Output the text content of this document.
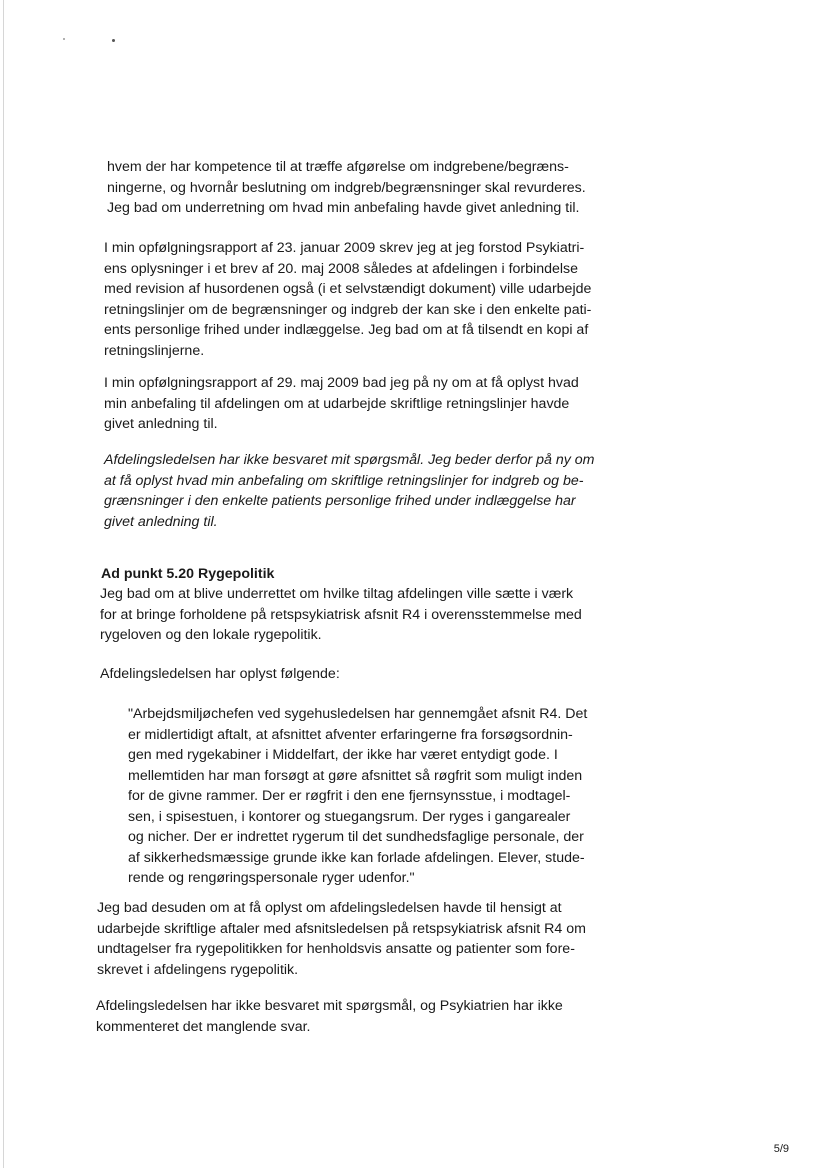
hvem der har kompetence til at træffe afgørelse om indgrebene/begræns-
ningerne, og hvornår beslutning om indgreb/begrænsninger skal revurderes.
Jeg bad om underretning om hvad min anbefaling havde givet anledning til.
I min opfølgningsrapport af 23. januar 2009 skrev jeg at jeg forstod Psykiatri-
ens oplysninger i et brev af 20. maj 2008 således at afdelingen i forbindelse
med revision af husordenen også (i et selvstændigt dokument) ville udarbejde
retningslinjer om de begrænsninger og indgreb der kan ske i den enkelte pati-
ents personlige frihed under indlæggelse. Jeg bad om at få tilsendt en kopi af
retningslinjerne.
I min opfølgningsrapport af 29. maj 2009 bad jeg på ny om at få oplyst hvad
min anbefaling til afdelingen om at udarbejde skriftlige retningslinjer havde
givet anledning til.
Afdelingsledelsen har ikke besvaret mit spørgsmål. Jeg beder derfor på ny om
at få oplyst hvad min anbefaling om skriftlige retningslinjer for indgreb og be-
grænsninger i den enkelte patients personlige frihed under indlæggelse har
givet anledning til.
Ad punkt 5.20 Rygepolitik
Jeg bad om at blive underrettet om hvilke tiltag afdelingen ville sætte i værk
for at bringe forholdene på retspsykiatrisk afsnit R4 i overensstemmelse med
rygeloven og den lokale rygepolitik.
Afdelingsledelsen har oplyst følgende:
"Arbejdsmiljøchefen ved sygehusledelsen har gennemgået afsnit R4. Det
er midlertidigt aftalt, at afsnittet afventer erfaringerne fra forsøgsordnin-
gen med rygekabiner i Middelfart, der ikke har været entydigt gode. I
mellemtiden har man forsøgt at gøre afsnittet så røgfrit som muligt inden
for de givne rammer. Der er røgfrit i den ene fjernsynsstue, i modtagel-
sen, i spisestuen, i kontorer og stuegangsrum. Der ryges i gangarealer
og nicher. Der er indrettet rygerum til det sundhedsfaglige personale, der
af sikkerhedsmæssige grunde ikke kan forlade afdelingen. Elever, stude-
rende og rengøringspersonale ryger udenfor."
Jeg bad desuden om at få oplyst om afdelingsledelsen havde til hensigt at
udarbejde skriftlige aftaler med afsnitsledelsen på retspsykiatrisk afsnit R4 om
undtagelser fra rygepolitikken for henholdsvis ansatte og patienter som fore-
skrevet i afdelingens rygepolitik.
Afdelingsledelsen har ikke besvaret mit spørgsmål, og Psykiatrien har ikke
kommenteret det manglende svar.
5/9
